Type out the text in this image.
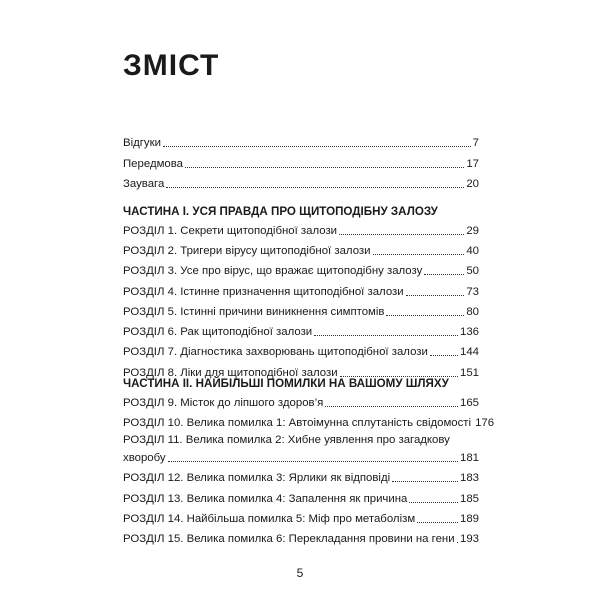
ЗМІСТ
Відгуки	7
Передмова	17
Заувага	20
ЧАСТИНА І. УСЯ ПРАВДА ПРО ЩИТОПОДІБНУ ЗАЛОЗУ
РОЗДІЛ 1. Секрети щитоподібної залози	29
РОЗДІЛ 2. Тригери вірусу щитоподібної залози	40
РОЗДІЛ 3. Усе про вірус, що вражає щитоподібну залозу	50
РОЗДІЛ 4. Істинне призначення щитоподібної залози	73
РОЗДІЛ 5. Істинні причини виникнення симптомів	80
РОЗДІЛ 6. Рак щитоподібної залози	136
РОЗДІЛ 7. Діагностика захворювань щитоподібної залози	144
РОЗДІЛ 8. Ліки для щитоподібної залози	151
ЧАСТИНА ІІ. НАЙБІЛЬШІ ПОМИЛКИ НА ВАШОМУ ШЛЯХУ
РОЗДІЛ 9. Місток до ліпшого здоров’я	165
РОЗДІЛ 10. Велика помилка 1: Автоімунна сплутаність свідомості 176
РОЗДІЛ 11. Велика помилка 2: Хибне уявлення про загадкову
хворобу	181
РОЗДІЛ 12. Велика помилка 3: Ярлики як відповіді	183
РОЗДІЛ 13. Велика помилка 4: Запалення як причина	185
РОЗДІЛ 14. Найбільша помилка 5: Міф про метаболізм	189
РОЗДІЛ 15. Велика помилка 6: Перекладання провини на гени 193
5
